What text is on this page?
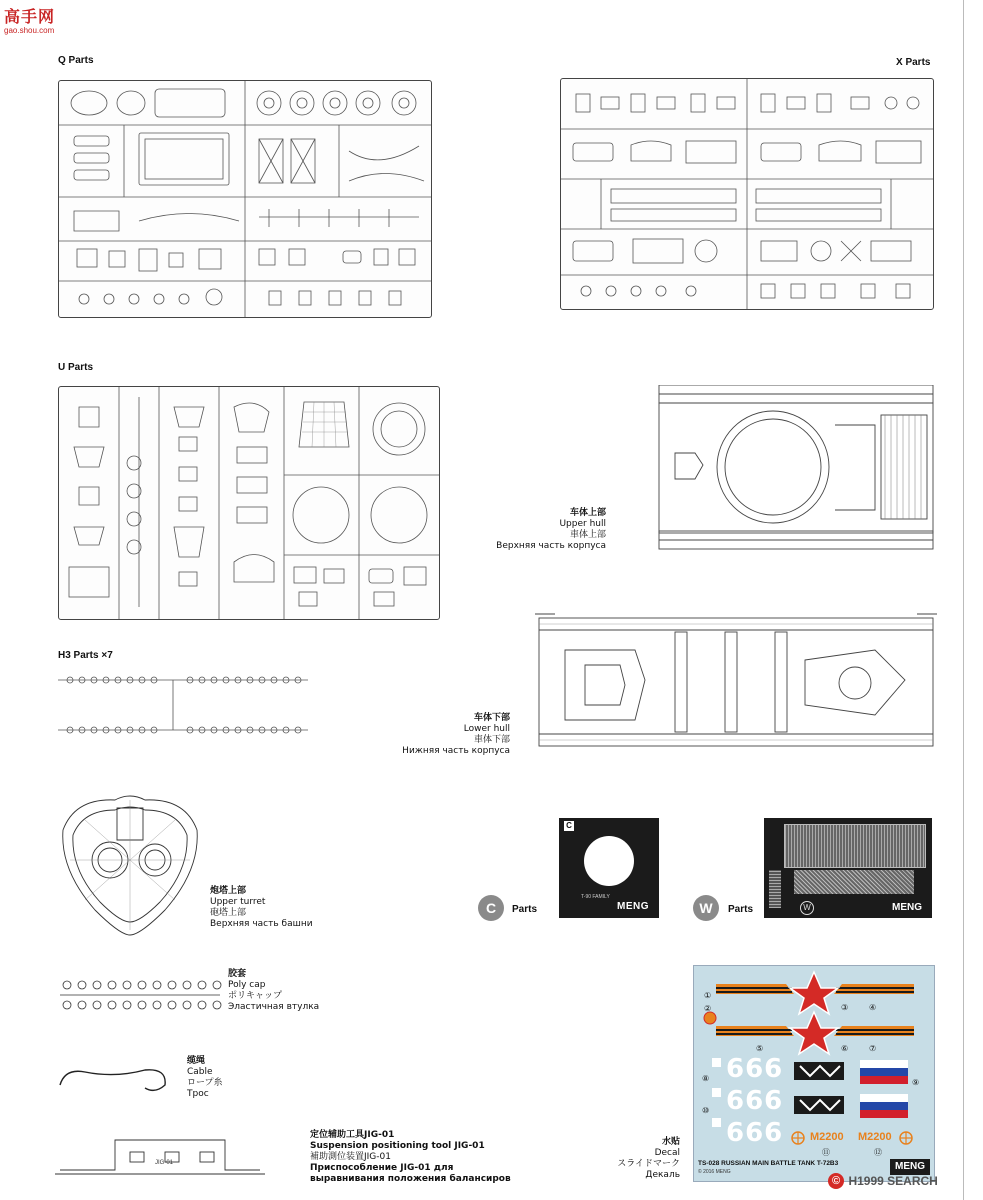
高手网
gao.shou.com
Q Parts	X Parts
U Parts
H3 Parts ×7
车体上部
Upper hull
車体上部
Верхняя часть корпуса
车体下部
Lower hull
車体下部
Нижняя часть корпуса
炮塔上部
Upper turret
砲塔上部
Верхняя часть башни
胶套
Poly cap
ポリキャップ
Эластичная втулка
缆绳
Cable
ロープ糸
Трос
JIG-01
定位辅助工具JIG-01
Suspension positioning tool JIG-01
補助測位装置JIG-01
Приспособление JIG-01 для
выравнивания положения балансиров
C
T-90 FAMILY
MENG
C	Parts	W	MENG
W	Parts
①
②	③	④
⑤	⑥	⑦
⑧	⑨
⑩
⑪	⑫
666
666
666 M2200 M2200
TS-028 RUSSIAN MAIN BATTLE TANK T-72B3
© 2016 MENG	MENG
水贴
Decal
スライドマーク
Декаль	© H1999 SEARCH
